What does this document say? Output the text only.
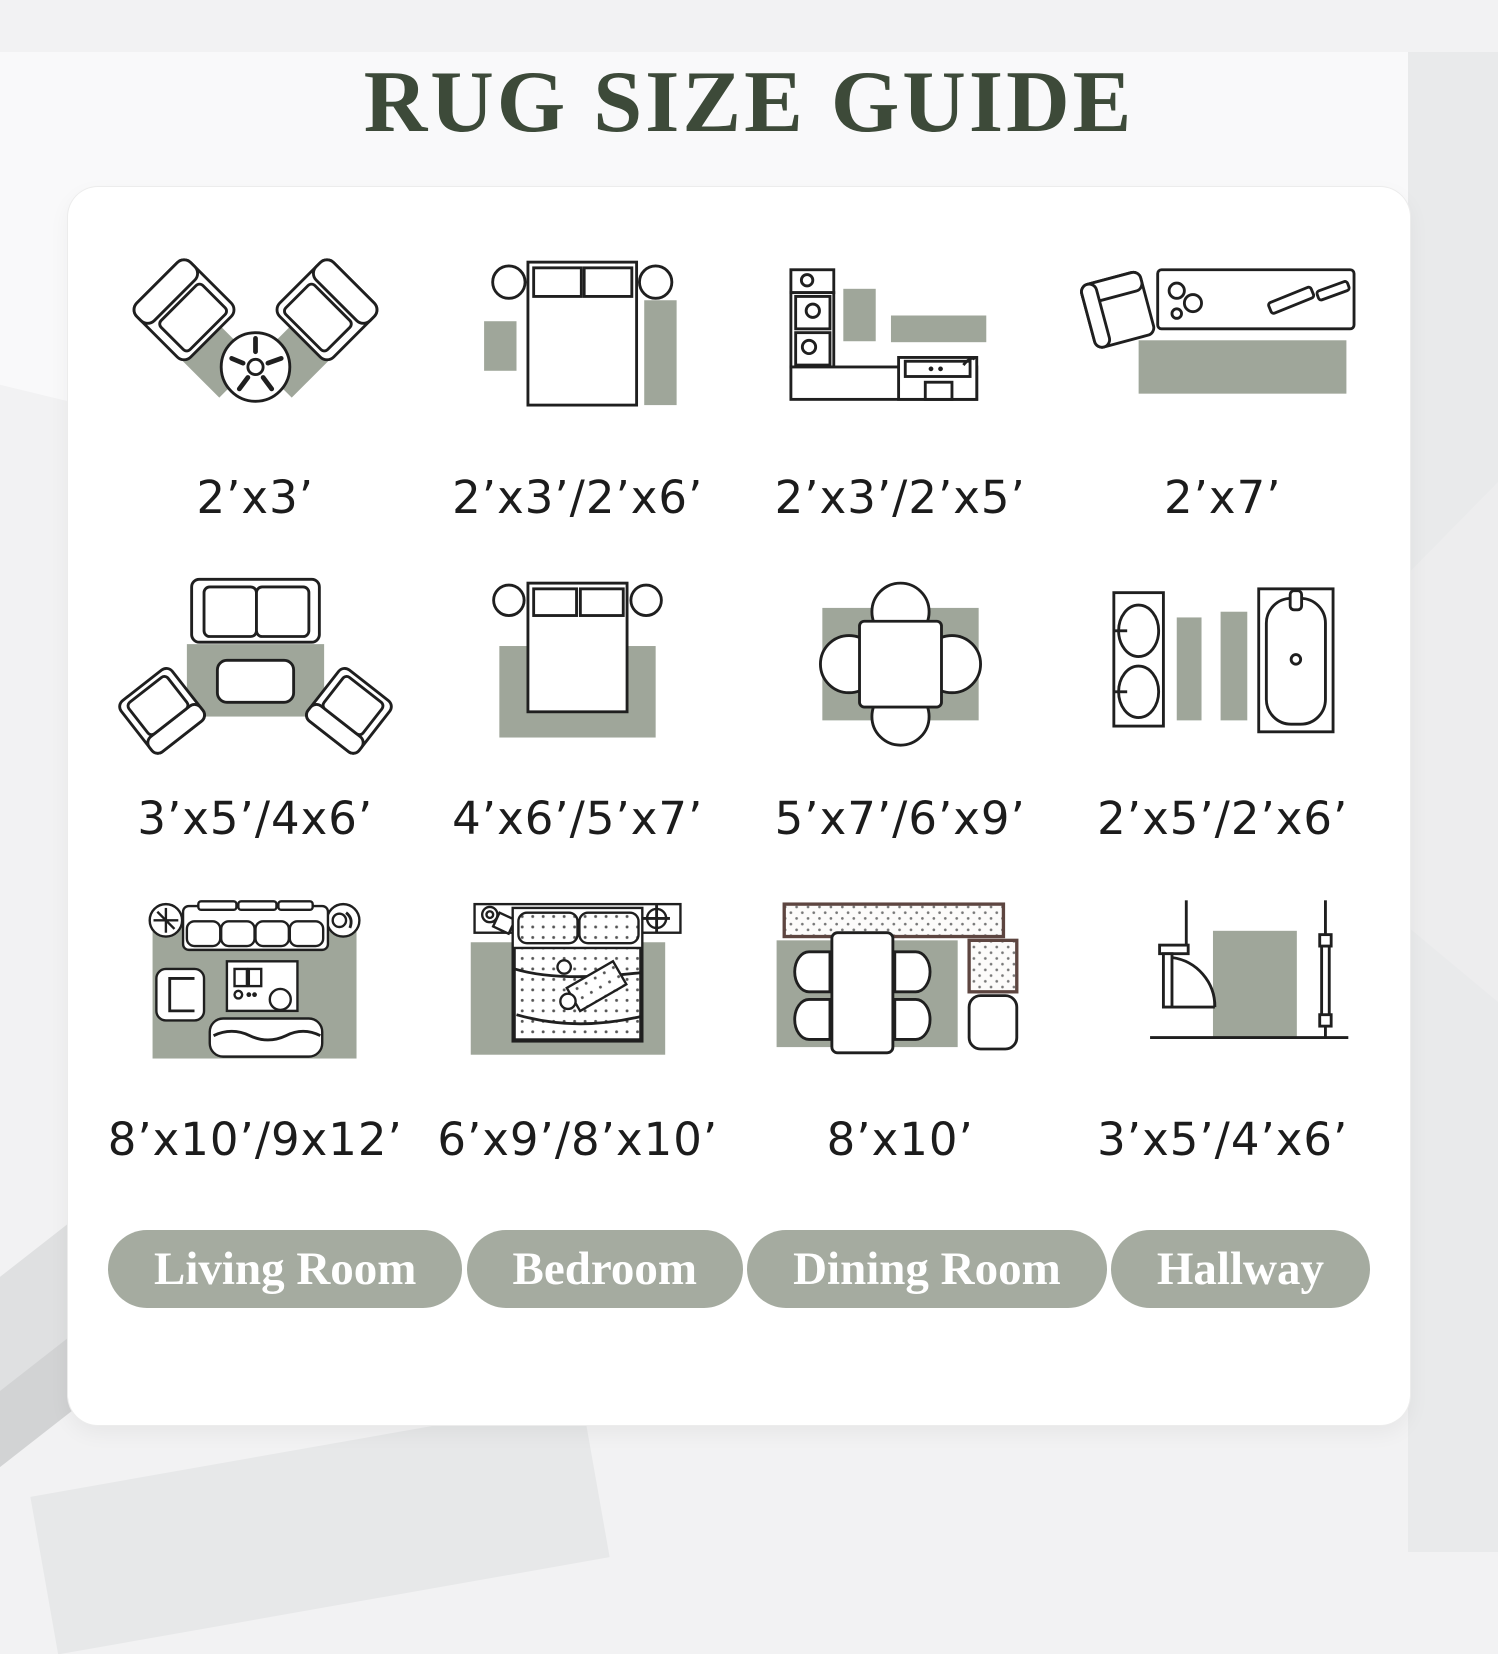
RUG SIZE GUIDE
2’x3’	2’x3’/2’x6’ 2’x3’/2’x5’	2’x7’
3’x5’/4x6’ 4’x6’/5’x7’ 5’x7’/6’x9’ 2’x5’/2’x6’
8’x10’/9x12’ 6’x9’/8’x10’ 8’x10’	3’x5’/4’x6’
Living Room	Bedroom	Dining Room	Hallway
